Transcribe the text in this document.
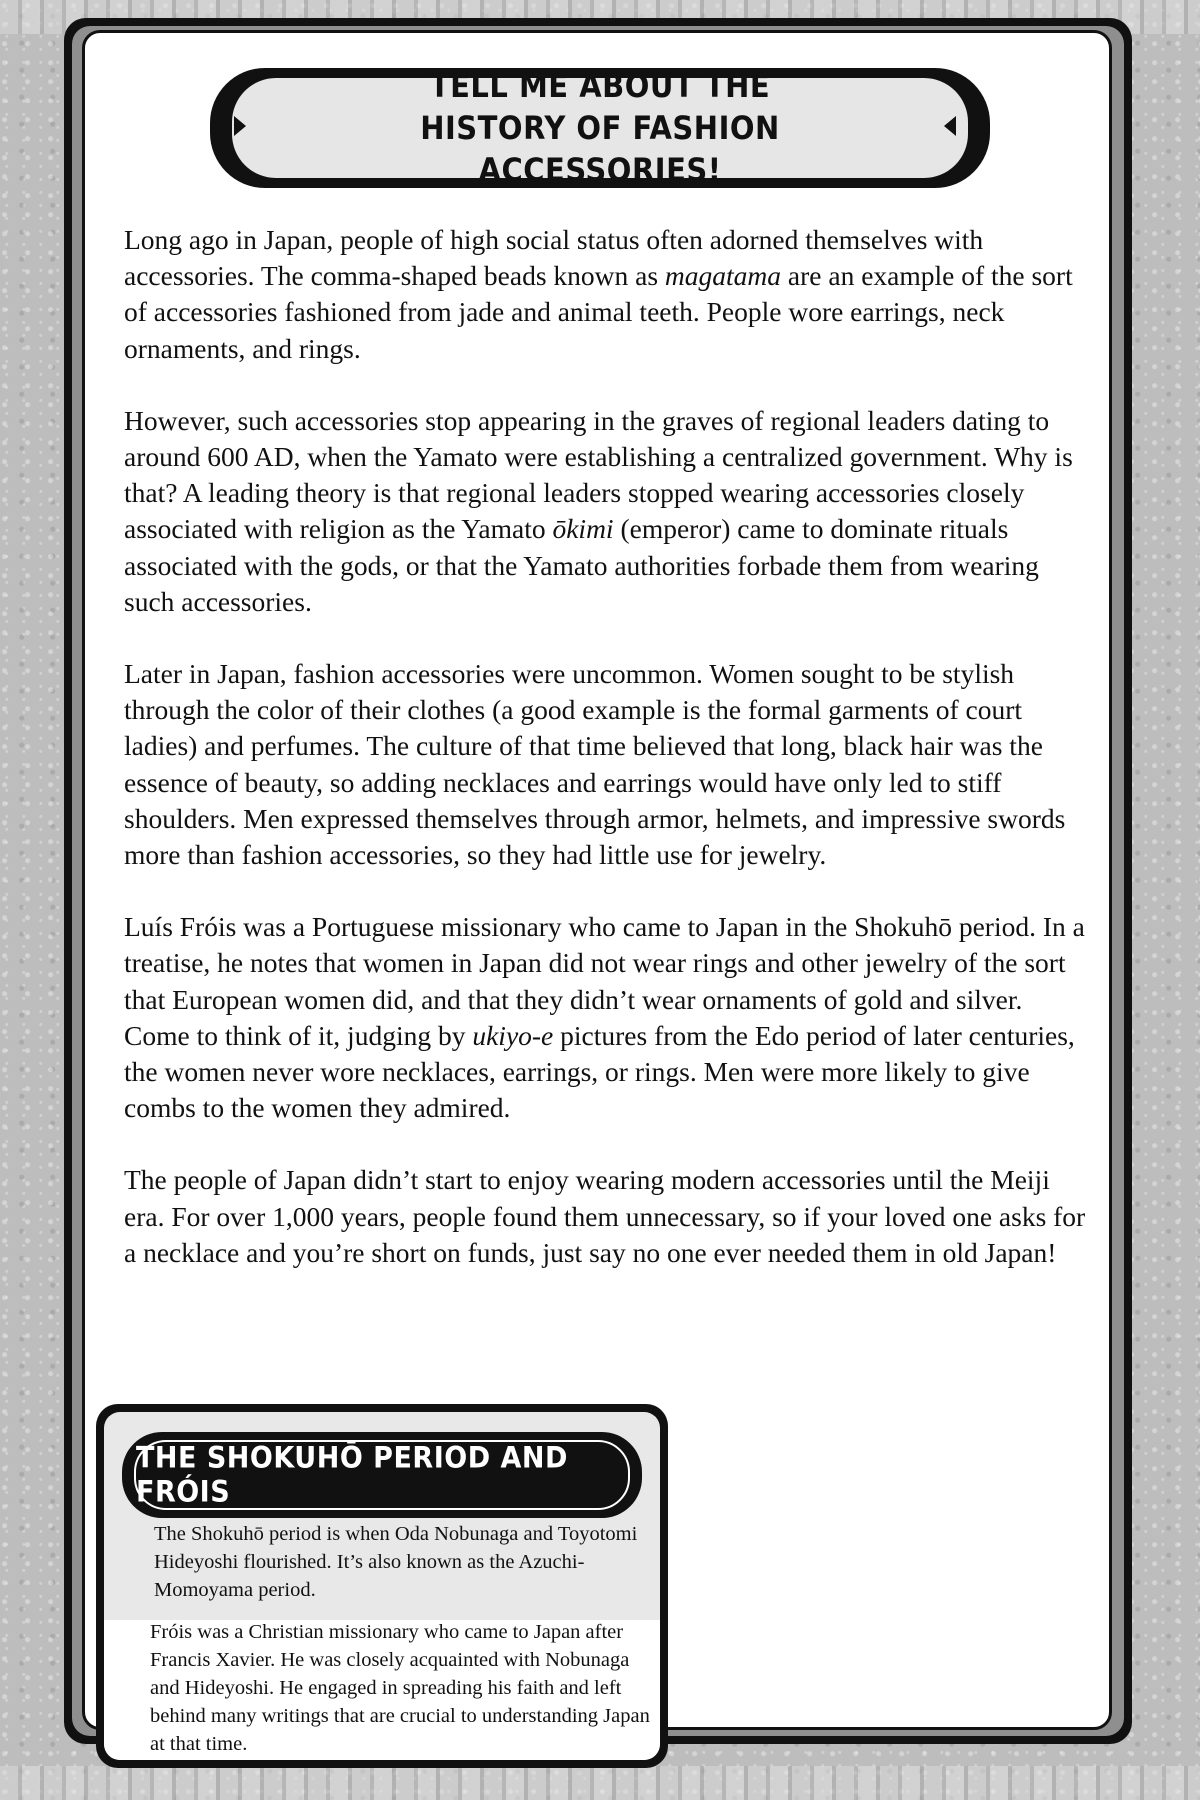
TELL ME ABOUT THE HISTORY OF FASHION ACCESSORIES!

Long ago in Japan, people of high social status often adorned themselves with accessories. The comma-shaped beads known as magatama are an example of the sort of accessories fashioned from jade and animal teeth. People wore earrings, neck ornaments, and rings.

However, such accessories stop appearing in the graves of regional leaders dating to around 600 AD, when the Yamato were establishing a centralized government. Why is that? A leading theory is that regional leaders stopped wearing accessories closely associated with religion as the Yamato ōkimi (emperor) came to dominate rituals associated with the gods, or that the Yamato authorities forbade them from wearing such accessories.

Later in Japan, fashion accessories were uncommon. Women sought to be stylish through the color of their clothes (a good example is the formal garments of court ladies) and perfumes. The culture of that time believed that long, black hair was the essence of beauty, so adding necklaces and earrings would have only led to stiff shoulders. Men expressed themselves through armor, helmets, and impressive swords more than fashion accessories, so they had little use for jewelry.

Luís Fróis was a Portuguese missionary who came to Japan in the Shokuhō period. In a treatise, he notes that women in Japan did not wear rings and other jewelry of the sort that European women did, and that they didn’t wear ornaments of gold and silver. Come to think of it, judging by ukiyo-e pictures from the Edo period of later centuries, the women never wore necklaces, earrings, or rings. Men were more likely to give combs to the women they admired.

The people of Japan didn’t start to enjoy wearing modern accessories until the Meiji era. For over 1,000 years, people found them unnecessary, so if your loved one asks for a necklace and you’re short on funds, just say no one ever needed them in old Japan!

THE SHOKUHŌ PERIOD AND FRÓIS

The Shokuhō period is when Oda Nobunaga and Toyotomi Hideyoshi flourished. It’s also known as the Azuchi-Momoyama period.

Fróis was a Christian missionary who came to Japan after Francis Xavier. He was closely acquainted with Nobunaga and Hideyoshi. He engaged in spreading his faith and left behind many writings that are crucial to understanding Japan at that time.
